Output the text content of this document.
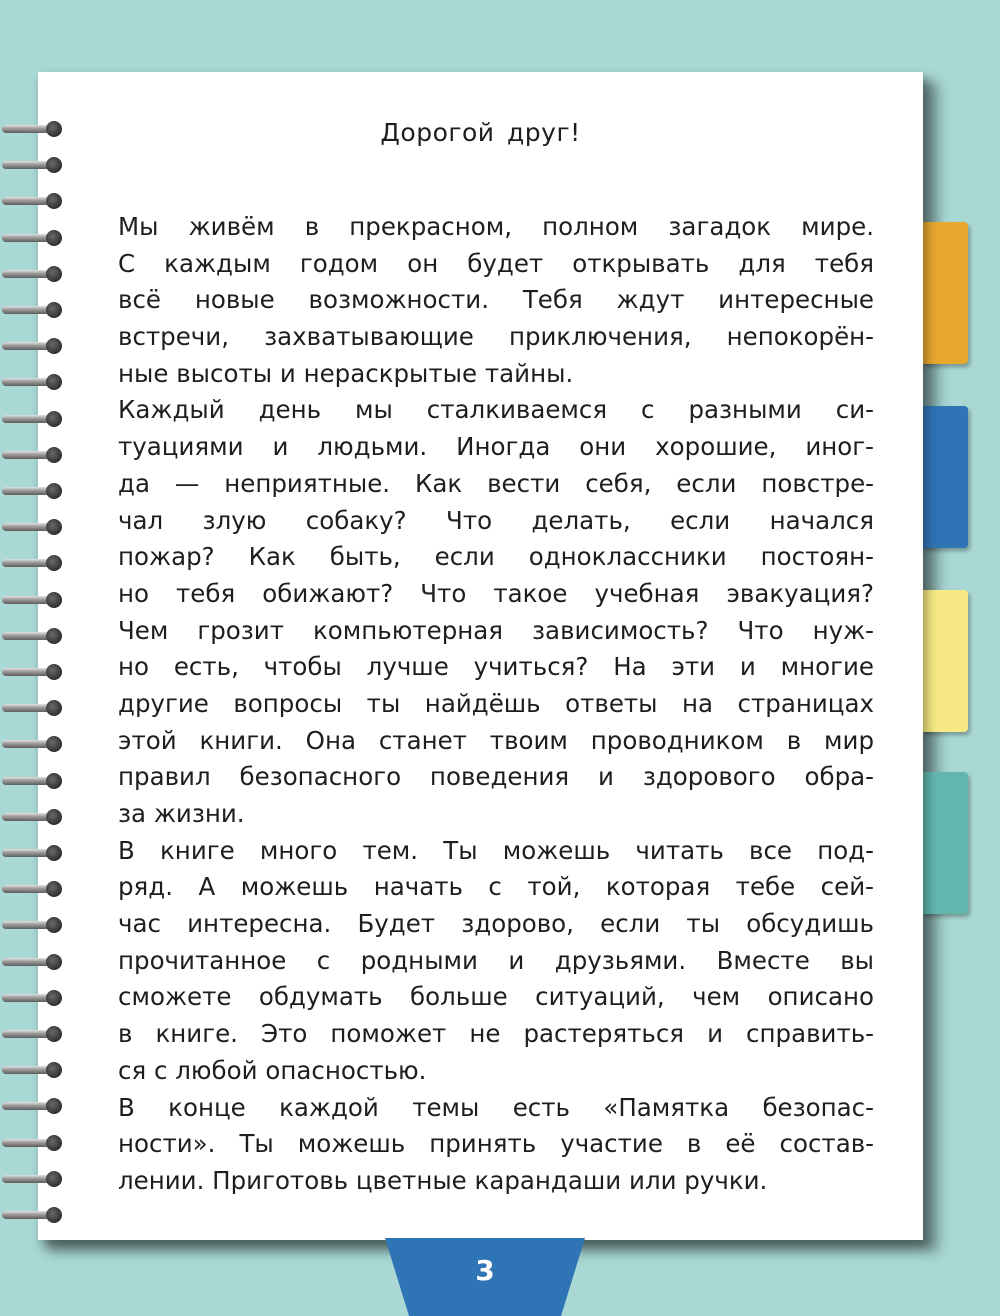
Дорогой друг!
Мы живём в прекрасном, полном загадок мире.
С каждым годом он будет открывать для тебя
всё новые возможности. Тебя ждут интересные
встречи, захватывающие приключения, непокорён-
ные высоты и нераскрытые тайны.
Каждый день мы сталкиваемся с разными си-
туациями и людьми. Иногда они хорошие, иног-
да — неприятные. Как вести себя, если повстре-
чал злую собаку? Что делать, если начался
пожар? Как быть, если одноклассники постоян-
но тебя обижают? Что такое учебная эвакуация?
Чем грозит компьютерная зависимость? Что нуж-
но есть, чтобы лучше учиться? На эти и многие
другие вопросы ты найдёшь ответы на страницах
этой книги. Она станет твоим проводником в мир
правил безопасного поведения и здорового обра-
за жизни.
В книге много тем. Ты можешь читать все под-
ряд. А можешь начать с той, которая тебе сей-
час интересна. Будет здорово, если ты обсудишь
прочитанное с родными и друзьями. Вместе вы
сможете обдумать больше ситуаций, чем описано
в книге. Это поможет не растеряться и справить-
ся с любой опасностью.
В конце каждой темы есть «Памятка безопас-
ности». Ты можешь принять участие в её состав-
лении. Приготовь цветные карандаши или ручки.
3
